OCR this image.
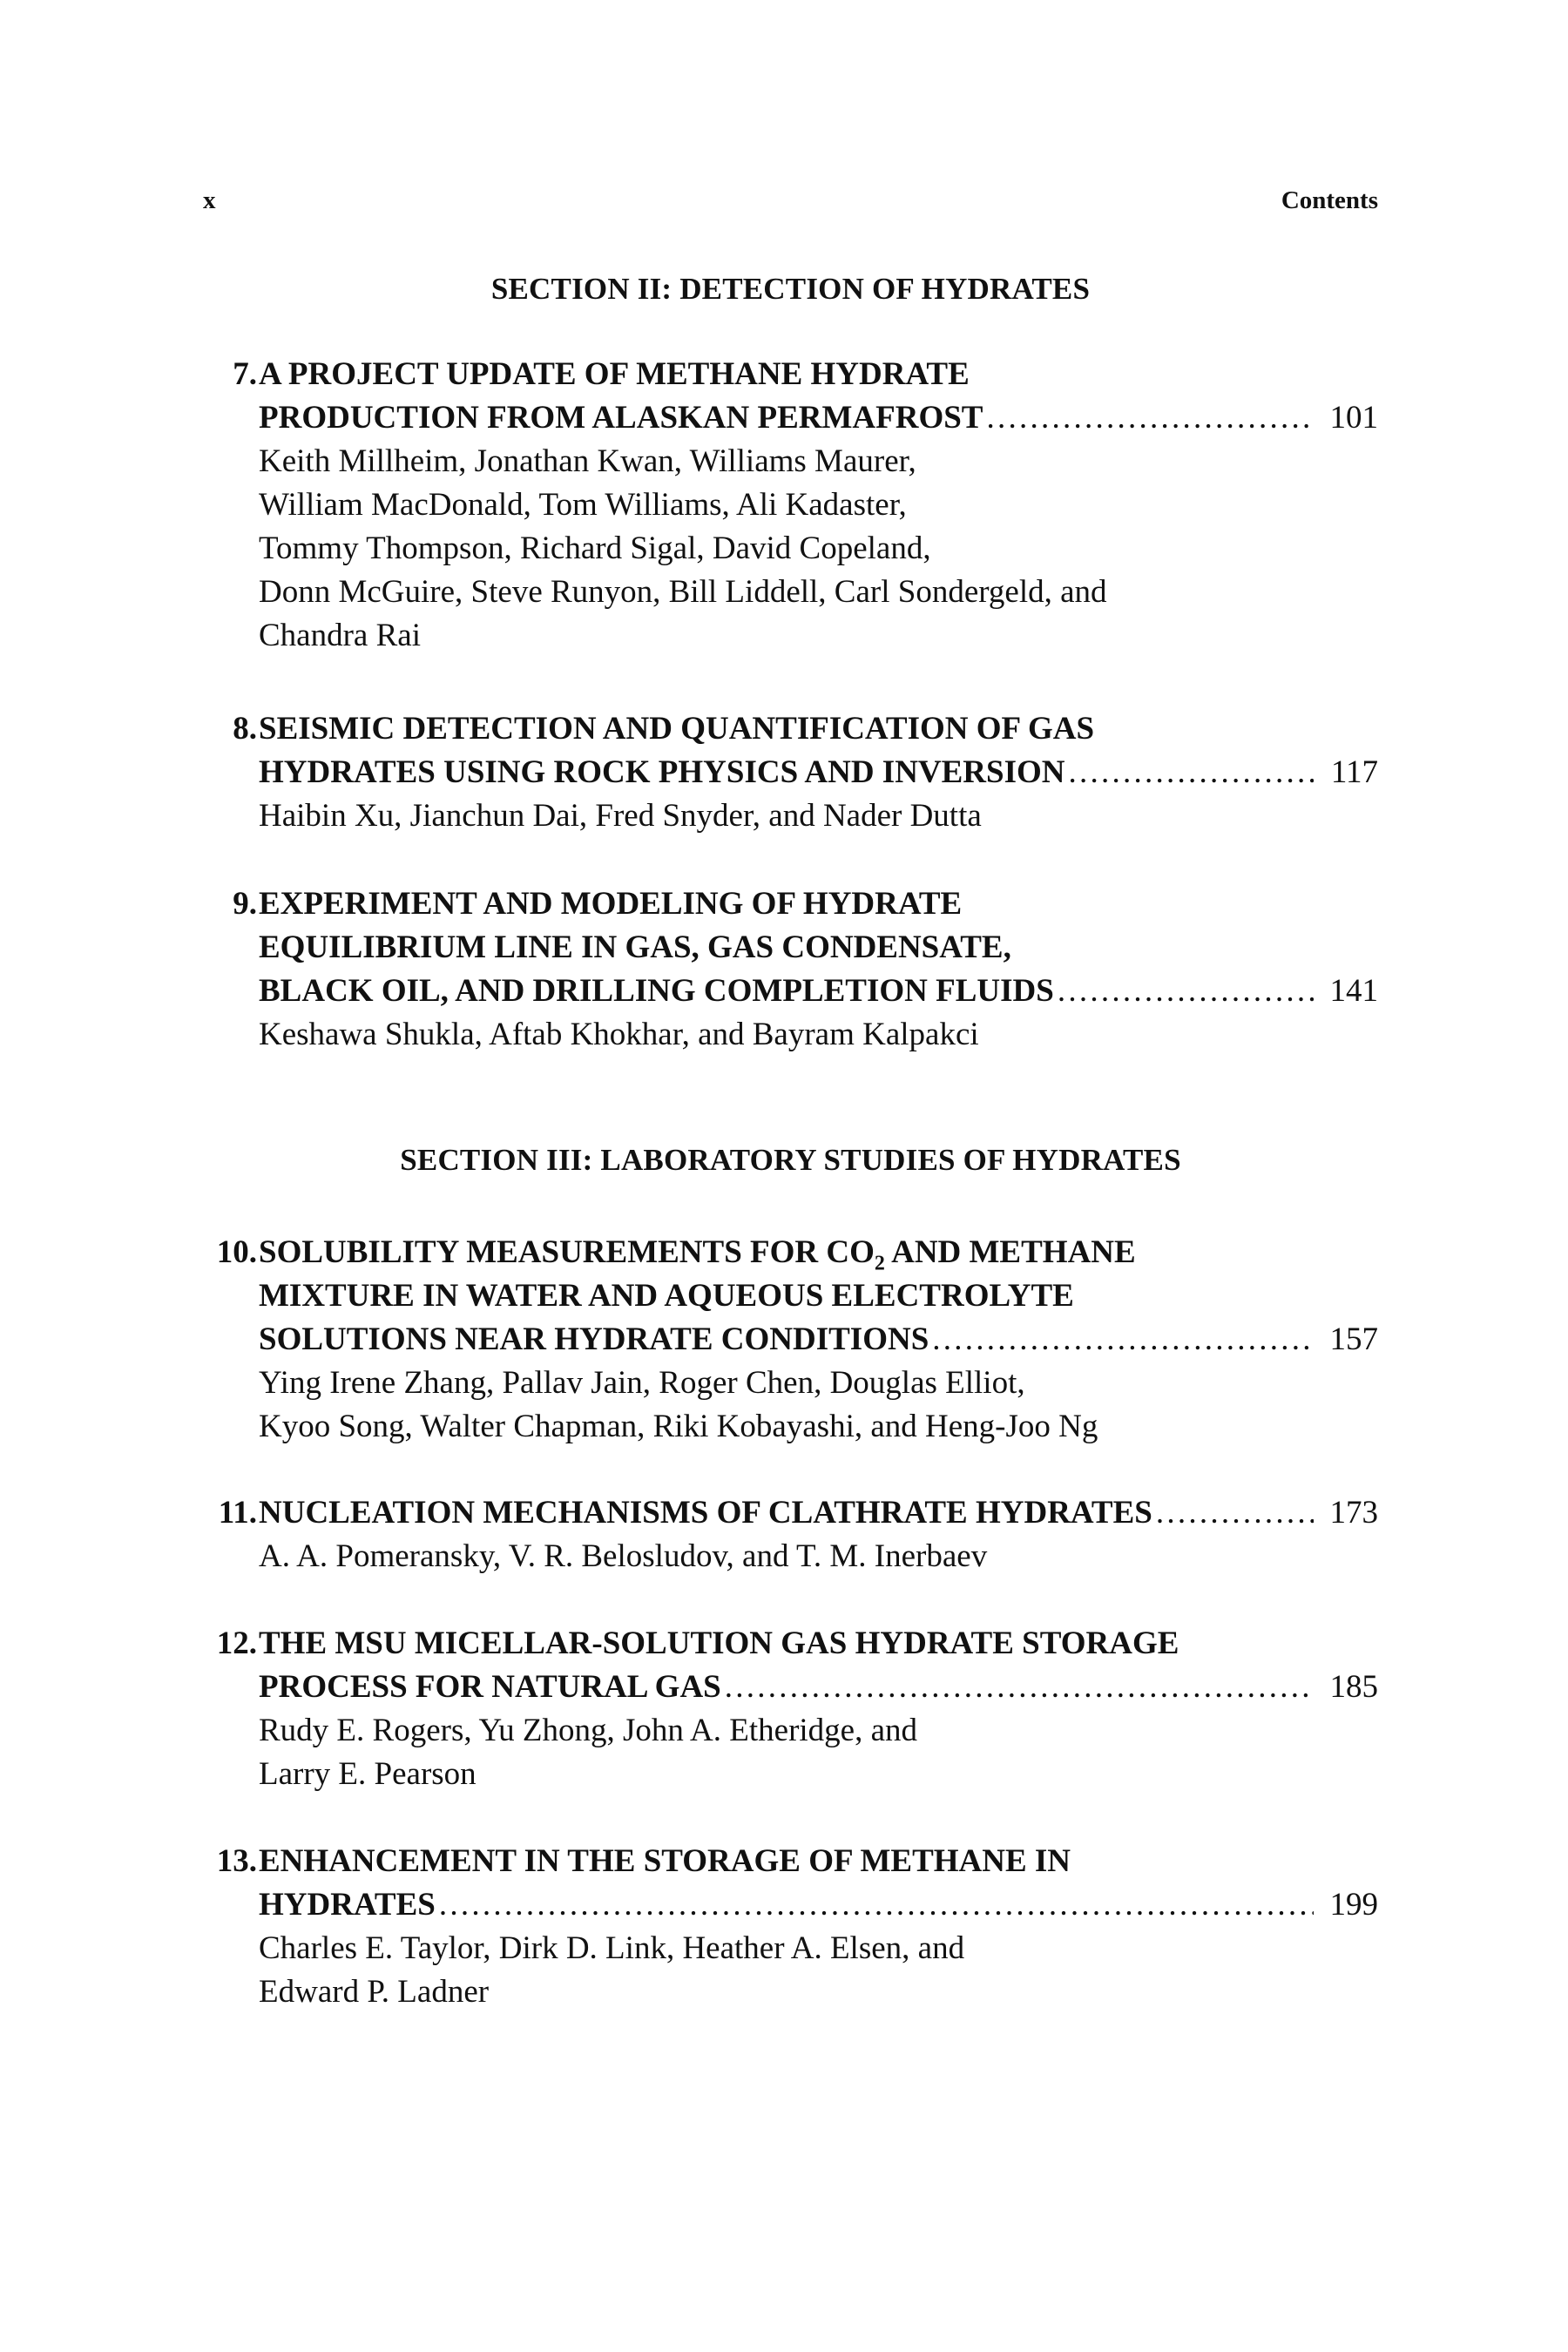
x	Contents
SECTION II: DETECTION OF HYDRATES
7. A PROJECT UPDATE OF METHANE HYDRATE
PRODUCTION FROM ALASKAN PERMAFROST . . .	101
Keith Millheim, Jonathan Kwan, Williams Maurer,
William MacDonald, Tom Williams, Ali Kadaster,
Tommy Thompson, Richard Sigal, David Copeland,
Donn McGuire, Steve Runyon, Bill Liddell, Carl Sondergeld, and
Chandra Rai
8. SEISMIC DETECTION AND QUANTIFICATION OF GAS
HYDRATES USING ROCK PHYSICS AND INVERSION . . .	117
Haibin Xu, Jianchun Dai, Fred Snyder, and Nader Dutta
9. EXPERIMENT AND MODELING OF HYDRATE
EQUILIBRIUM LINE IN GAS, GAS CONDENSATE,
BLACK OIL, AND DRILLING COMPLETION FLUIDS . . .	141
Keshawa Shukla, Aftab Khokhar, and Bayram Kalpakci
SECTION III: LABORATORY STUDIES OF HYDRATES
10. SOLUBILITY MEASUREMENTS FOR $CO_2$ AND METHANE
MIXTURE IN WATER AND AQUEOUS ELECTROLYTE
SOLUTIONS NEAR HYDRATE CONDITIONS . . .	157
Ying Irene Zhang, Pallav Jain, Roger Chen, Douglas Elliot,
Kyoo Song, Walter Chapman, Riki Kobayashi, and Heng-Joo Ng
11. NUCLEATION MECHANISMS OF CLATHRATE HYDRATES . . .	173
A. A. Pomeransky, V. R. Belosludov, and T. M. Inerbaev
12. THE MSU MICELLAR-SOLUTION GAS HYDRATE STORAGE
PROCESS FOR NATURAL GAS . . .	185
Rudy E. Rogers, Yu Zhong, John A. Etheridge, and
Larry E. Pearson
13. ENHANCEMENT IN THE STORAGE OF METHANE IN
HYDRATES . . .	199
Charles E. Taylor, Dirk D. Link, Heather A. Elsen, and
Edward P. Ladner
